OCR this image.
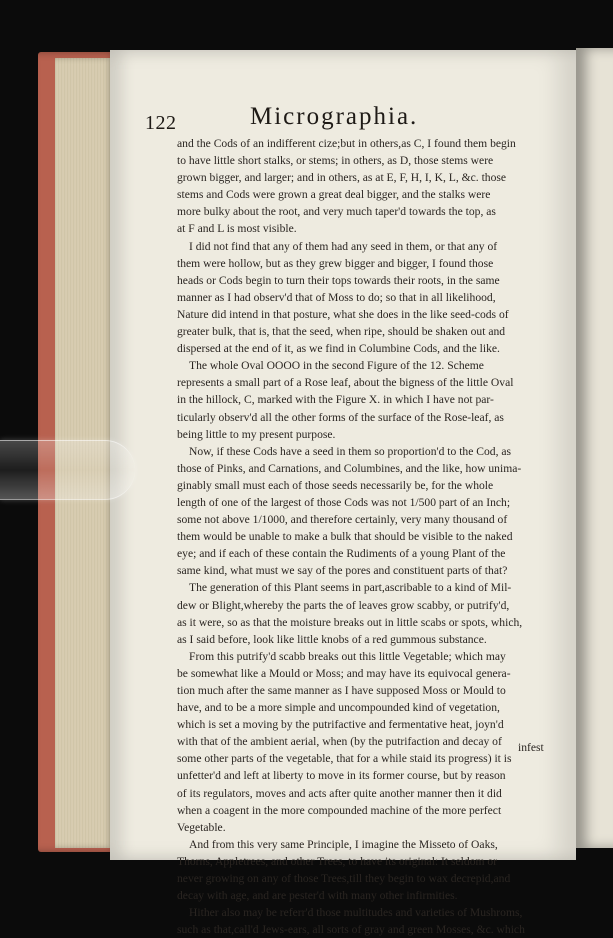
122	Micrographia.
and the Cods of an indifferent cize;but in others,as C, I found them begin
to have little short stalks, or stems; in others, as D, those stems were
grown bigger, and larger; and in others, as at E, F, H, I, K, L, &c. those
stems and Cods were grown a great deal bigger, and the stalks were
more bulky about the root, and very much taper'd towards the top, as
at F and L is most visible.
I did not find that any of them had any seed in them, or that any of
them were hollow, but as they grew bigger and bigger, I found those
heads or Cods begin to turn their tops towards their roots, in the same
manner as I had observ'd that of Moss to do; so that in all likelihood,
Nature did intend in that posture, what she does in the like seed-cods of
greater bulk, that is, that the seed, when ripe, should be shaken out and
dispersed at the end of it, as we find in Columbine Cods, and the like.
The whole Oval OOOO in the second Figure of the 12. Scheme
represents a small part of a Rose leaf, about the bigness of the little Oval
in the hillock, C, marked with the Figure X. in which I have not par-
ticularly observ'd all the other forms of the surface of the Rose-leaf, as
being little to my present purpose.
Now, if these Cods have a seed in them so proportion'd to the Cod, as
those of Pinks, and Carnations, and Columbines, and the like, how unima-
ginably small must each of those seeds necessarily be, for the whole
length of one of the largest of those Cods was not 1/500 part of an Inch;
some not above 1/1000, and therefore certainly, very many thousand of
them would be unable to make a bulk that should be visible to the naked
eye; and if each of these contain the Rudiments of a young Plant of the
same kind, what must we say of the pores and constituent parts of that?
The generation of this Plant seems in part,ascribable to a kind of Mil-
dew or Blight,whereby the parts the of leaves grow scabby, or putrify'd,
as it were, so as that the moisture breaks out in little scabs or spots, which,
as I said before, look like little knobs of a red gummous substance.
From this putrify'd scabb breaks out this little Vegetable; which may
be somewhat like a Mould or Moss; and may have its equivocal genera-
tion much after the same manner as I have supposed Moss or Mould to
have, and to be a more simple and uncompounded kind of vegetation,
which is set a moving by the putrifactive and fermentative heat, joyn'd
with that of the ambient aerial, when (by the putrifaction and decay of
some other parts of the vegetable, that for a while staid its progress) it is
unfetter'd and left at liberty to move in its former course, but by reason
of its regulators, moves and acts after quite another manner then it did
when a coagent in the more compounded machine of the more perfect
Vegetable.
And from this very same Principle, I imagine the Misseto of Oaks,
Thorns, Appletrees, and other Trees, to have its original: It seldom or
never growing on any of those Trees,till they begin to wax decrepid,and
decay with age, and are pester'd with many other infirmities.
Hither also may be referr'd those multitudes and varieties of Mushroms,
such as that,call'd Jews-ears, all sorts of gray and green Mosses, &c. which
infest
